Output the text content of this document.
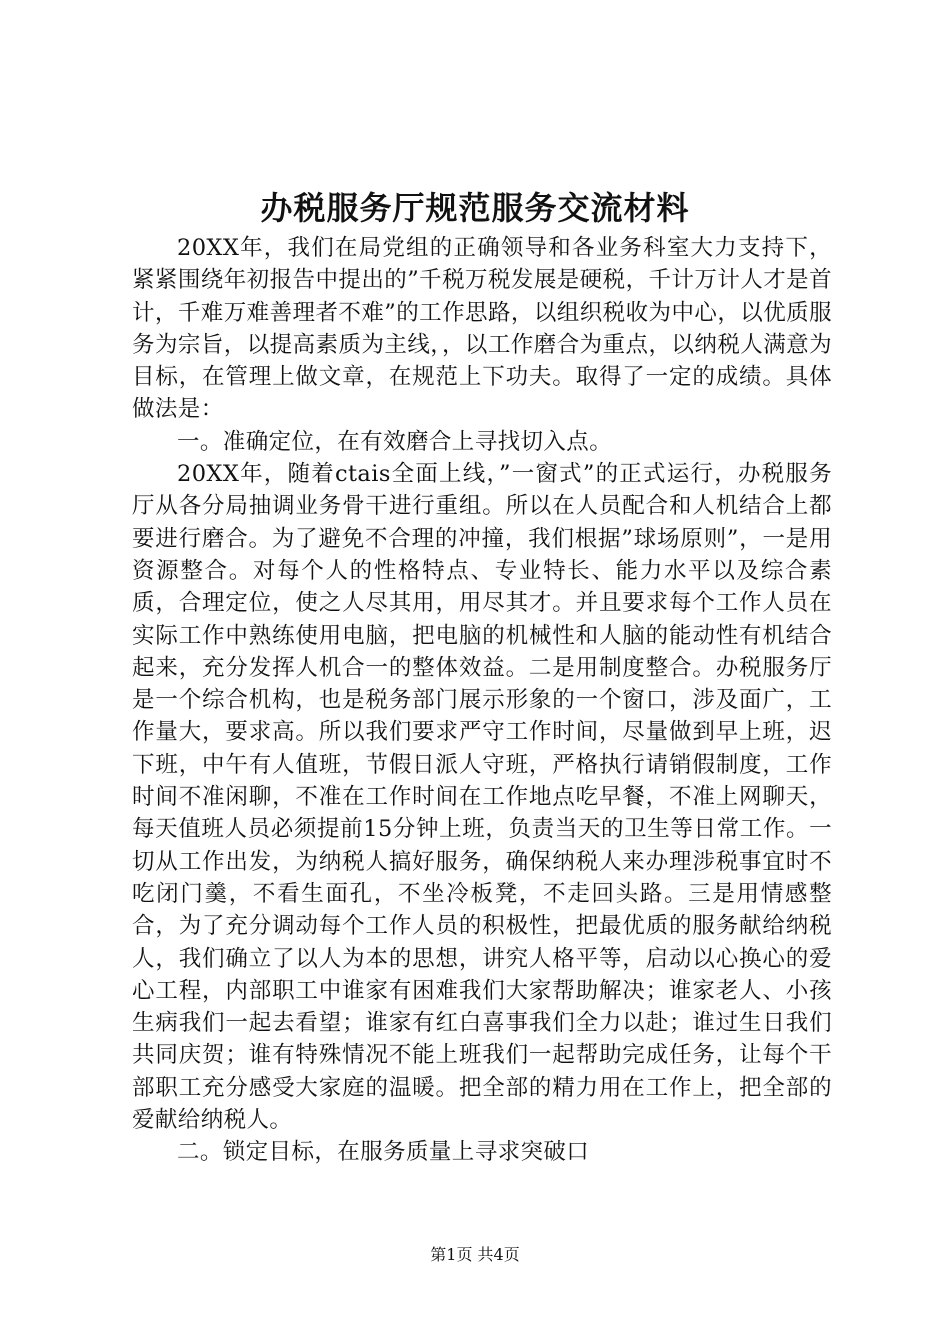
办税服务厅规范服务交流材料

20XX年，我们在局党组的正确领导和各业务科室大力支持下，紧紧围绕年初报告中提出的”千税万税发展是硬税，千计万计人才是首计，千难万难善理者不难”的工作思路，以组织税收为中心，以优质服务为宗旨，以提高素质为主线，，以工作磨合为重点，以纳税人满意为目标，在管理上做文章，在规范上下功夫。取得了一定的成绩。具体做法是：

一。准确定位，在有效磨合上寻找切入点。

20XX年，随着ctais全面上线，”一窗式”的正式运行，办税服务厅从各分局抽调业务骨干进行重组。所以在人员配合和人机结合上都要进行磨合。为了避免不合理的冲撞，我们根据”球场原则”，一是用资源整合。对每个人的性格特点、专业特长、能力水平以及综合素质，合理定位，使之人尽其用，用尽其才。并且要求每个工作人员在实际工作中熟练使用电脑，把电脑的机械性和人脑的能动性有机结合起来，充分发挥人机合一的整体效益。二是用制度整合。办税服务厅是一个综合机构，也是税务部门展示形象的一个窗口，涉及面广，工作量大，要求高。所以我们要求严守工作时间，尽量做到早上班，迟下班，中午有人值班，节假日派人守班，严格执行请销假制度，工作时间不准闲聊，不准在工作时间在工作地点吃早餐，不准上网聊天，每天值班人员必须提前15分钟上班，负责当天的卫生等日常工作。一切从工作出发，为纳税人搞好服务，确保纳税人来办理涉税事宜时不吃闭门羹，不看生面孔，不坐冷板凳，不走回头路。三是用情感整合，为了充分调动每个工作人员的积极性，把最优质的服务献给纳税人，我们确立了以人为本的思想，讲究人格平等，启动以心换心的爱心工程，内部职工中谁家有困难我们大家帮助解决；谁家老人、小孩生病我们一起去看望；谁家有红白喜事我们全力以赴；谁过生日我们共同庆贺；谁有特殊情况不能上班我们一起帮助完成任务，让每个干部职工充分感受大家庭的温暖。把全部的精力用在工作上，把全部的爱献给纳税人。

二。锁定目标，在服务质量上寻求突破口

第1页 共4页
